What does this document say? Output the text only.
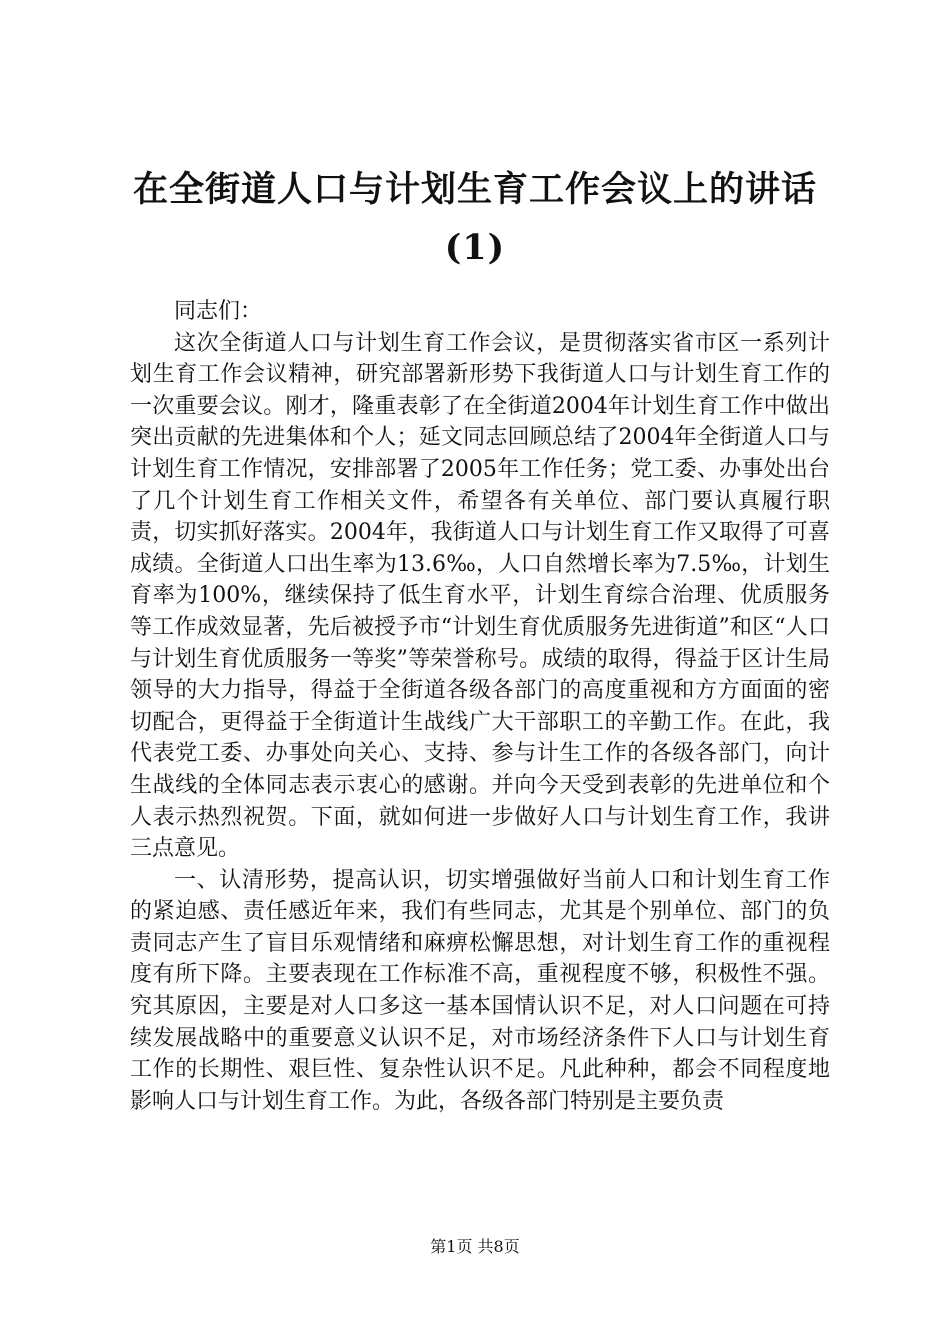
在全街道人口与计划生育工作会议上的讲话
(1)

同志们：

这次全街道人口与计划生育工作会议，是贯彻落实省市区一系列计划生育工作会议精神，研究部署新形势下我街道人口与计划生育工作的一次重要会议。刚才，隆重表彰了在全街道2004年计划生育工作中做出突出贡献的先进集体和个人；延文同志回顾总结了2004年全街道人口与计划生育工作情况，安排部署了2005年工作任务；党工委、办事处出台了几个计划生育工作相关文件，希望各有关单位、部门要认真履行职责，切实抓好落实。2004年，我街道人口与计划生育工作又取得了可喜成绩。全街道人口出生率为13.6‰，人口自然增长率为7.5‰，计划生育率为100%，继续保持了低生育水平，计划生育综合治理、优质服务等工作成效显著，先后被授予市“计划生育优质服务先进街道”和区“人口与计划生育优质服务一等奖”等荣誉称号。成绩的取得，得益于区计生局领导的大力指导，得益于全街道各级各部门的高度重视和方方面面的密切配合，更得益于全街道计生战线广大干部职工的辛勤工作。在此，我代表党工委、办事处向关心、支持、参与计生工作的各级各部门，向计生战线的全体同志表示衷心的感谢。并向今天受到表彰的先进单位和个人表示热烈祝贺。下面，就如何进一步做好人口与计划生育工作，我讲三点意见。

一、认清形势，提高认识，切实增强做好当前人口和计划生育工作的紧迫感、责任感近年来，我们有些同志，尤其是个别单位、部门的负责同志产生了盲目乐观情绪和麻痹松懈思想，对计划生育工作的重视程度有所下降。主要表现在工作标准不高，重视程度不够，积极性不强。究其原因，主要是对人口多这一基本国情认识不足，对人口问题在可持续发展战略中的重要意义认识不足，对市场经济条件下人口与计划生育工作的长期性、艰巨性、复杂性认识不足。凡此种种，都会不同程度地影响人口与计划生育工作。为此，各级各部门特别是主要负责

第1页 共8页
